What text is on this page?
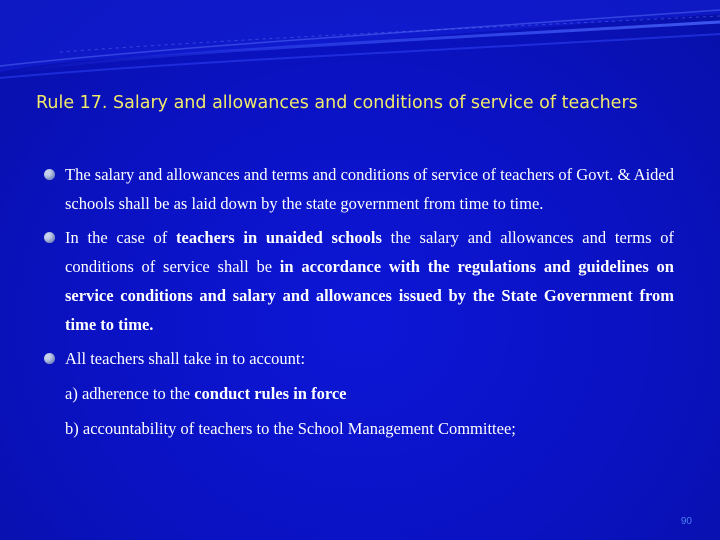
Rule 17. Salary and allowances and conditions of service of teachers
The salary and allowances and terms and conditions of service of teachers of Govt. & Aided schools shall be as laid down by the state government from time to time.
In the case of teachers in unaided schools the salary and allowances and terms of conditions of service shall be in accordance with the regulations and guidelines on service conditions and salary and allowances issued by the State Government from time to time.
All teachers shall take in to account:
a) adherence to the conduct rules in force
b) accountability of teachers to the School Management Committee;
90
